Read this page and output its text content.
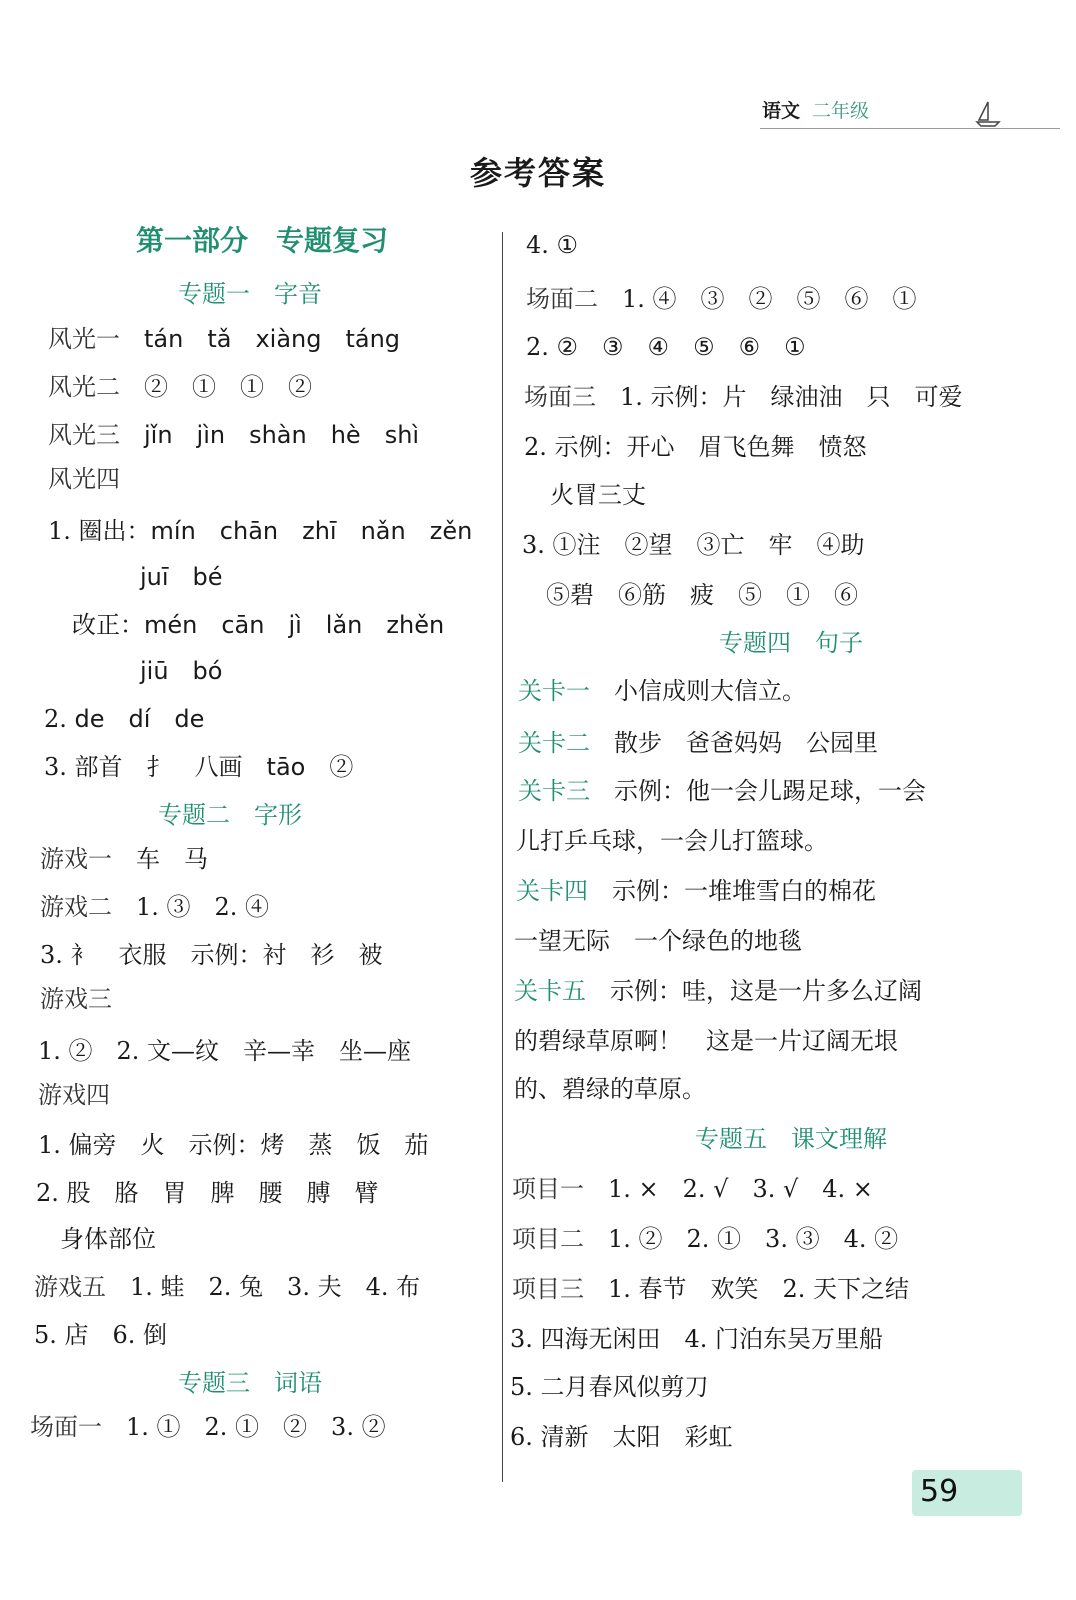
语文 二年级
参考答案
第一部分　专题复习
专题一　字音
风光一　tán　tǎ　xiàng　táng
风光二　②　①　①　②
风光三　jǐn　jìn　shàn　hè　shì
风光四
1. 圈出：mín　chān　zhī　nǎn　zěn
juī　bé
改正：mén　cān　jì　lǎn　zhěn
jiū　bó
2. de　dí　de
3. 部首　扌　八画　tāo　②
专题二　字形
游戏一　车　马
游戏二　1. ③　2. ④
3. 衤　衣服　示例：衬　衫　被
游戏三
1. ②　2. 文—纹　辛—幸　坐—座
游戏四
1. 偏旁　火　示例：烤　蒸　饭　茄
2. 股　胳　胃　脾　腰　膊　臂
身体部位
游戏五　1. 蛙　2. 兔　3. 夫　4. 布
5. 店　6. 倒
专题三　词语
场面一　1. ①　2. ①　②　3. ②
4. ①
场面二　1. ④　③　②　⑤　⑥　①
2. ②　③　④　⑤　⑥　①
场面三　1. 示例：片　绿油油　只　可爱
2. 示例：开心　眉飞色舞　愤怒
火冒三丈
3. ①注　②望　③亡　牢　④助
⑤碧　⑥筋　疲　⑤　①　⑥
专题四　句子
关卡一　小信成则大信立。
关卡二　散步　爸爸妈妈　公园里
关卡三　示例：他一会儿踢足球，一会
儿打乒乓球，一会儿打篮球。
关卡四　示例：一堆堆雪白的棉花
一望无际　一个绿色的地毯
关卡五　示例：哇，这是一片多么辽阔
的碧绿草原啊！　这是一片辽阔无垠
的、碧绿的草原。
专题五　课文理解
项目一　1. ×　2. √　3. √　4. ×
项目二　1. ②　2. ①　3. ③　4. ②
项目三　1. 春节　欢笑　2. 天下之结
3. 四海无闲田　4. 门泊东吴万里船
5. 二月春风似剪刀
6. 清新　太阳　彩虹
59
